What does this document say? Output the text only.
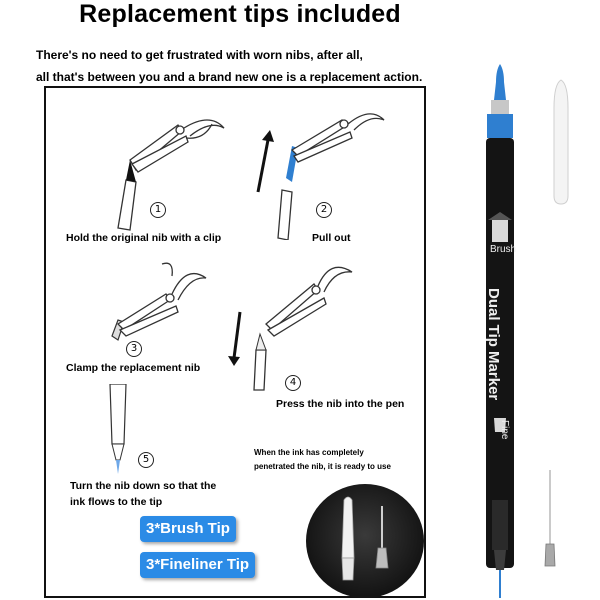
Replacement tips included
There's no need to get frustrated with worn nibs, after all,
all that's between you and a brand new one is a replacement action.
1
Hold the original nib with a clip
2
Pull out
3
Clamp the replacement nib
4
Press the nib into the pen
5
Turn the nib down so that the
ink flows to the tip
When the ink has completely
penetrated the nib, it is ready to use
3*Brush Tip
3*Fineliner Tip
Brush
Dual Tip Marker
Fine
